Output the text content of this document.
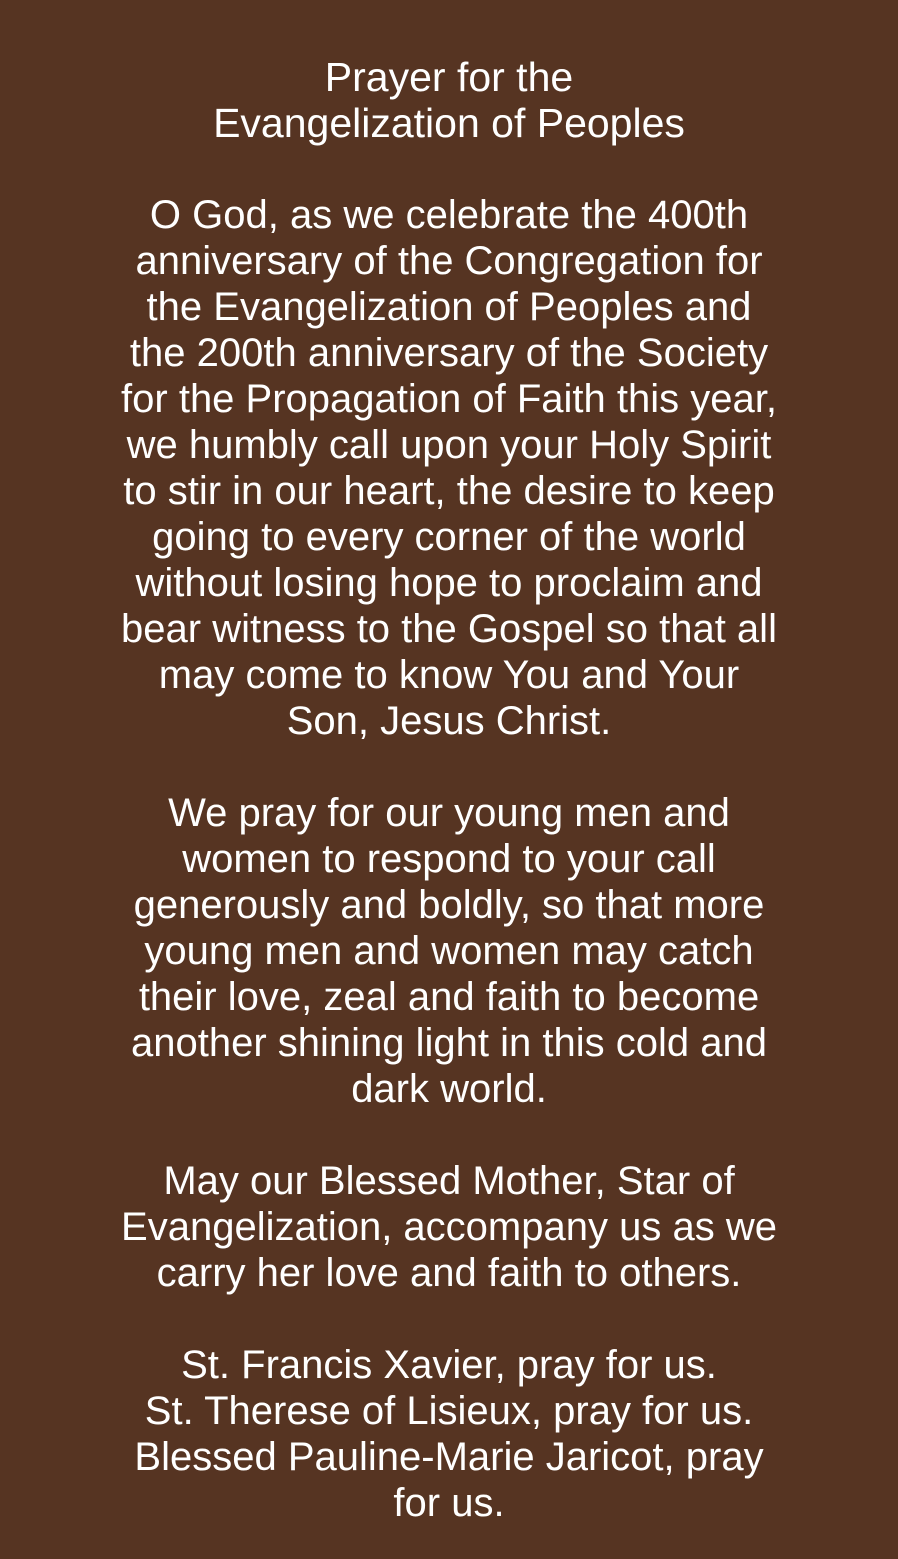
Prayer for the
Evangelization of Peoples

O God, as we celebrate the 400th
anniversary of the Congregation for
the Evangelization of Peoples and
the 200th anniversary of the Society
for the Propagation of Faith this year,
we humbly call upon your Holy Spirit
to stir in our heart, the desire to keep
going to every corner of the world
without losing hope to proclaim and
bear witness to the Gospel so that all
may come to know You and Your
Son, Jesus Christ.

We pray for our young men and
women to respond to your call
generously and boldly, so that more
young men and women may catch
their love, zeal and faith to become
another shining light in this cold and
dark world.

May our Blessed Mother, Star of
Evangelization, accompany us as we
carry her love and faith to others.

St. Francis Xavier, pray for us.
St. Therese of Lisieux, pray for us.
Blessed Pauline-Marie Jaricot, pray
for us.
